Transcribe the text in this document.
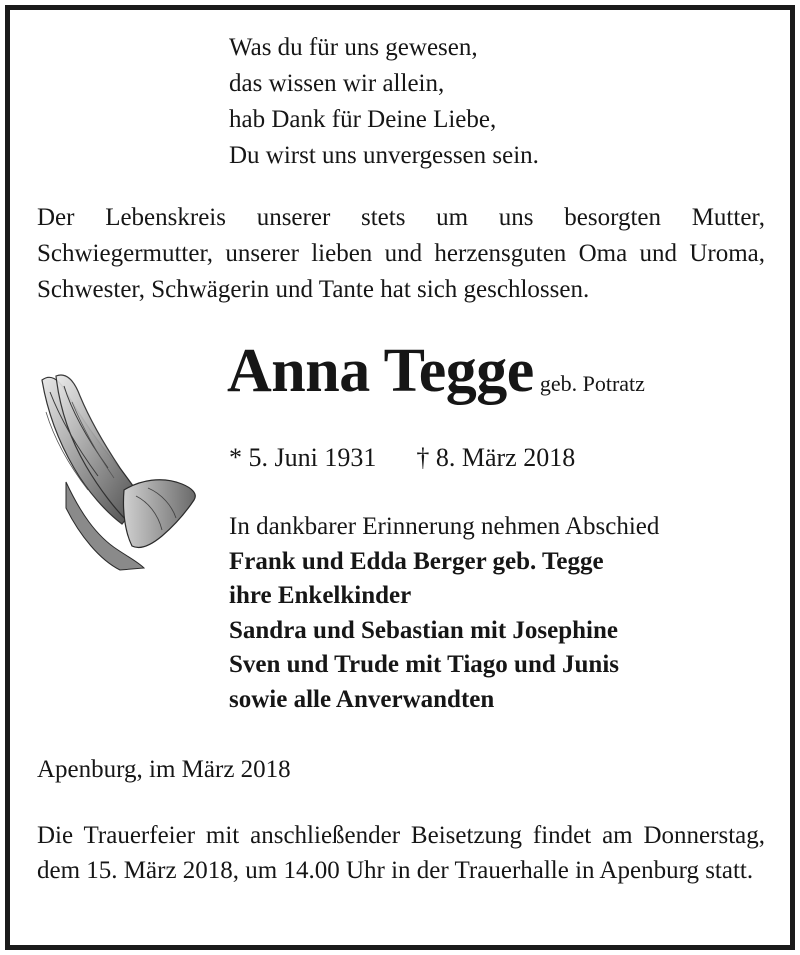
Was du für uns gewesen,
das wissen wir allein,
hab Dank für Deine Liebe,
Du wirst uns unvergessen sein.
Der Lebenskreis unserer stets um uns besorgten Mutter, Schwiegermutter, unserer lieben und herzensguten Oma und Uroma, Schwester, Schwägerin und Tante hat sich geschlossen.
Anna Tegge geb. Potratz
* 5. Juni 1931 † 8. März 2018
In dankbarer Erinnerung nehmen Abschied
Frank und Edda Berger geb. Tegge
ihre Enkelkinder
Sandra und Sebastian mit Josephine
Sven und Trude mit Tiago und Junis
sowie alle Anverwandten
Apenburg, im März 2018
Die Trauerfeier mit anschließender Beisetzung findet am Donnerstag, dem 15. März 2018, um 14.00 Uhr in der Trauerhalle in Apenburg statt.
